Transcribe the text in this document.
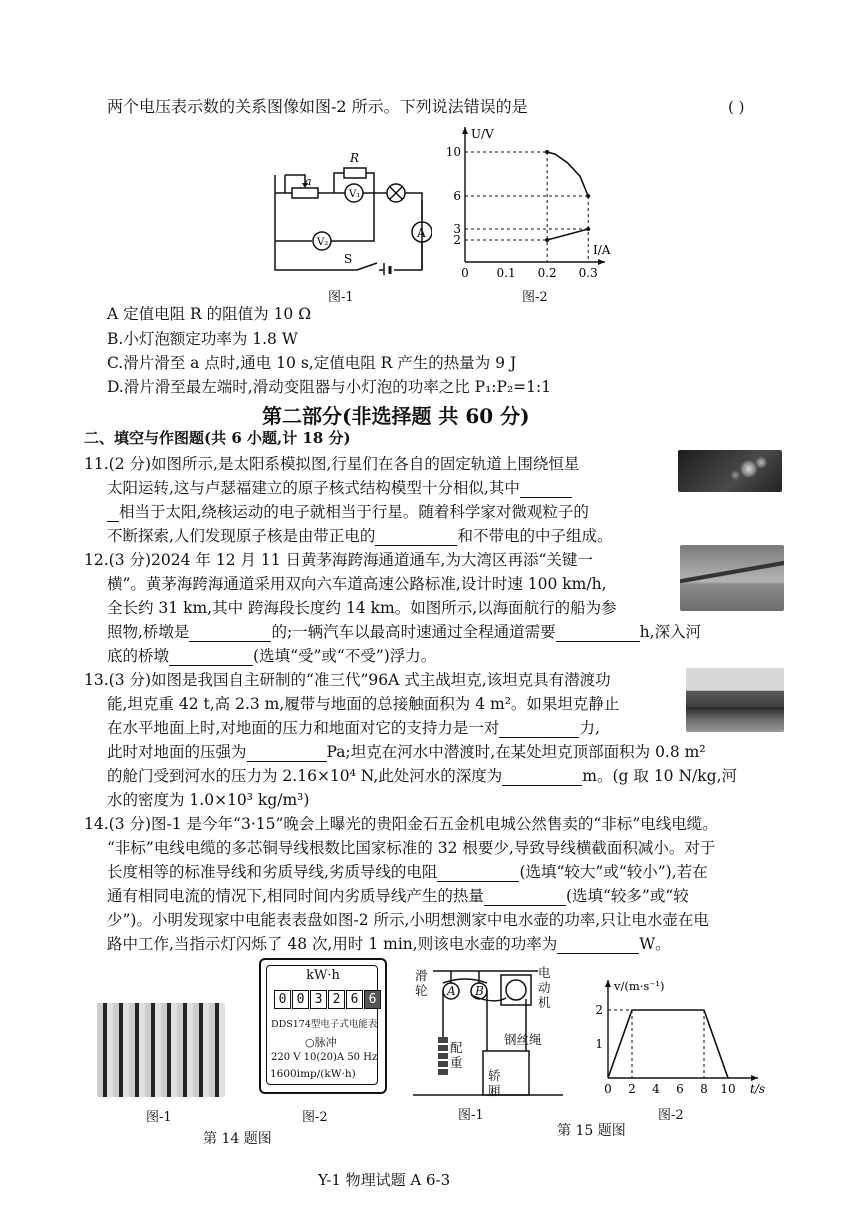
两个电压表示数的关系图像如图-2 所示。下列说法错误的是	( )
a
R
V₁
V₂
A
S
图-1
U/V
I/A
10
6
3
2
0 0.1 0.2 0.3
图-2
A 定值电阻 R 的阻值为 10 Ω
B.小灯泡额定功率为 1.8 W
C.滑片滑至 a 点时,通电 10 s,定值电阻 R 产生的热量为 9 J
D.滑片滑至最左端时,滑动变阻器与小灯泡的功率之比 P₁:P₂=1:1
第二部分(非选择题 共 60 分)
二、填空与作图题(共 6 小题,计 18 分)
11.(2 分)如图所示,是太阳系模拟图,行星们在各自的固定轨道上围绕恒星
太阳运转,这与卢瑟福建立的原子核式结构模型十分相似,其中
相当于太阳,绕核运动的电子就相当于行星。随着科学家对微观粒子的
不断探索,人们发现原子核是由带正电的	和不带电的中子组成。
12.(3 分)2024 年 12 月 11 日黄茅海跨海通道通车,为大湾区再添“关键一
横”。黄茅海跨海通道采用双向六车道高速公路标准,设计时速 100 km/h,
全长约 31 km,其中 跨海段长度约 14 km。如图所示,以海面航行的船为参
照物,桥墩是	的;一辆汽车以最高时速通过全程通道需要	h,深入河
底的桥墩	(选填“受”或“不受”)浮力。
13.(3 分)如图是我国自主研制的“准三代”96A 式主战坦克,该坦克具有潜渡功
能,坦克重 42 t,高 2.3 m,履带与地面的总接触面积为 4 m²。如果坦克静止
在水平地面上时,对地面的压力和地面对它的支持力是一对	力,
此时对地面的压强为	Pa;坦克在河水中潜渡时,在某处坦克顶部面积为 0.8 m²
的舱门受到河水的压力为 2.16×10⁴ N,此处河水的深度为	m。(g 取 10 N/kg,河
水的密度为 1.0×10³ kg/m³)
14.(3 分)图-1 是今年“3·15”晚会上曝光的贵阳金石五金机电城公然售卖的“非标”电线电缆。
“非标”电线电缆的多芯铜导线根数比国家标准的 32 根要少,导致导线横截面积减小。对于
长度相等的标准导线和劣质导线,劣质导线的电阻	(选填“较大”或“较小”),若在
通有相同电流的情况下,相同时间内劣质导线产生的热量	(选填“较多”或“较
少”)。小明发现家中电能表表盘如图-2 所示,小明想测家中电水壶的功率,只让电水壶在电
路中工作,当指示灯闪烁了 48 次,用时 1 min,则该电水壶的功率为	W。
图-1
kW·h
0 0 3 2 6 6
DDS174型电子式电能表
○脉冲
220 V 10(20)A 50 Hz
1600imp/(kW·h)
图-2
第 14 题图
滑轮 A B
电动机
钢丝绳
配重
轿厢
图-1
v/(m·s⁻¹)
t/s
2
1
0 2 4 6 8 10
图-2
第 15 题图
Y-1 物理试题 A 6-3
